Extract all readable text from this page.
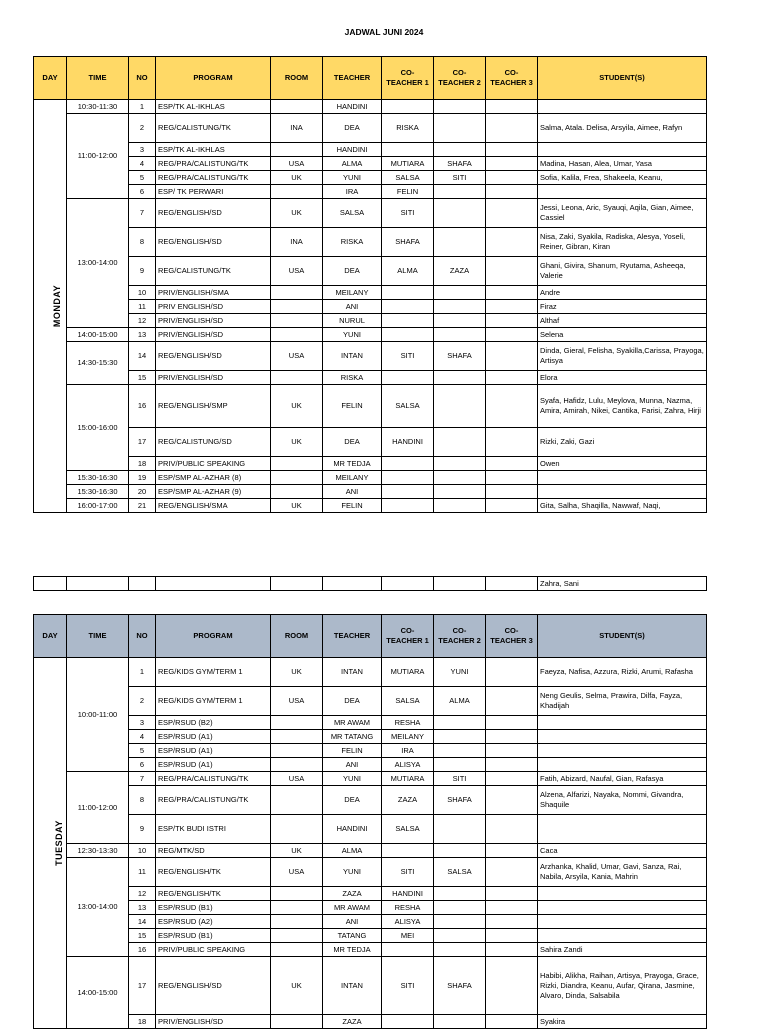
JADWAL JUNI 2024
DAY	TIME	NO	PROGRAM	ROOM	TEACHER	CO-TEACHER 1	CO-TEACHER 2	CO-TEACHER 3	STUDENT(S)
MONDAY	10:30-11:30	1	ESP/TK AL-IKHLAS		HANDINI				
	11:00-12:00	2	REG/CALISTUNG/TK	INA	DEA	RISKA			Salma, Atala. Delisa, Arsyila, Aimee, Rafyn
		3	ESP/TK AL-IKHLAS		HANDINI				
		4	REG/PRA/CALISTUNG/TK	USA	ALMA	MUTIARA	SHAFA		Madina, Hasan, Alea, Umar, Yasa
		5	REG/PRA/CALISTUNG/TK	UK	YUNI	SALSA	SITI		Sofia, Kalila, Frea, Shakeela, Keanu,
		6	ESP/ TK PERWARI		IRA	FELIN			
	13:00-14:00	7	REG/ENGLISH/SD	UK	SALSA	SITI			Jessi, Leona, Aric, Syauqi, Aqila, Gian, Aimee, Cassiel
		8	REG/ENGLISH/SD	INA	RISKA	SHAFA			Nisa, Zaki, Syakila, Radiska, Alesya, Yoseli, Reiner, Gibran, Kiran
		9	REG/CALISTUNG/TK	USA	DEA	ALMA	ZAZA		Ghani, Givira, Shanum, Ryutama, Asheeqa, Valerie
		10	PRIV/ENGLISH/SMA		MEILANY				Andre
		11	PRIV ENGLISH/SD		ANI				Firaz
		12	PRIV/ENGLISH/SD		NURUL				Althaf
	14:00-15:00	13	PRIV/ENGLISH/SD		YUNI				Selena
	14:30-15:30	14	REG/ENGLISH/SD	USA	INTAN	SITI	SHAFA		Dinda, Gieral, Felisha, Syakilla,Carissa, Prayoga, Artisya
		15	PRIV/ENGLISH/SD		RISKA				Elora
	15:00-16:00	16	REG/ENGLISH/SMP	UK	FELIN	SALSA			Syafa, Hafidz, Lulu, Meylova, Munna, Nazma, Amira, Amirah, Nikei, Cantika, Farisi, Zahra, Hirji
		17	REG/CALISTUNG/SD	UK	DEA	HANDINI			Rizki, Zaki, Gazi
		18	PRIV/PUBLIC SPEAKING		MR TEDJA				Owen
	15:30-16:30	19	ESP/SMP AL-AZHAR (8)		MEILANY				
	15:30-16:30	20	ESP/SMP AL-AZHAR (9)		ANI				
	16:00-17:00	21	REG/ENGLISH/SMA	UK	FELIN				Gita, Salha, Shaqilla, Nawwaf, Naqi,
									Zahra, Sani
DAY	TIME	NO	PROGRAM	ROOM	TEACHER	CO-TEACHER 1	CO-TEACHER 2	CO-TEACHER 3	STUDENT(S)
TUESDAY	10:00-11:00	1	REG/KIDS GYM/TERM 1	UK	INTAN	MUTIARA	YUNI		Faeyza, Nafisa, Azzura, Rizki, Arumi, Rafasha
		2	REG/KIDS GYM/TERM 1	USA	DEA	SALSA	ALMA		Neng Geulis, Selma, Prawira, Dilfa, Fayza, Khadijah
		3	ESP/RSUD (B2)		MR AWAM	RESHA			
		4	ESP/RSUD (A1)		MR TATANG	MEILANY			
		5	ESP/RSUD (A1)		FELIN	IRA			
		6	ESP/RSUD (A1)		ANI	ALISYA			
	11:00-12:00	7	REG/PRA/CALISTUNG/TK	USA	YUNI	MUTIARA	SITI		Fatih, Abizard, Naufal, Gian, Rafasya
		8	REG/PRA/CALISTUNG/TK		DEA	ZAZA	SHAFA		Alzena, Alfarizi, Nayaka, Nommi, Givandra, Shaquile
		9	ESP/TK BUDI ISTRI		HANDINI	SALSA			
	12:30-13:30	10	REG/MTK/SD	UK	ALMA				Caca
	13:00-14:00	11	REG/ENGLISH/TK	USA	YUNI	SITI	SALSA		Arzhanka, Khalid, Umar, Gavi, Sanza, Rai, Nabila, Arsyila, Kania, Mahrin
		12	REG/ENGLISH/TK		ZAZA	HANDINI			
		13	ESP/RSUD (B1)		MR AWAM	RESHA			
		14	ESP/RSUD (A2)		ANI	ALISYA			
		15	ESP/RSUD (B1)		TATANG	MEI			
		16	PRIV/PUBLIC SPEAKING		MR TEDJA				Sahira Zandi
	14:00-15:00	17	REG/ENGLISH/SD	UK	INTAN	SITI	SHAFA		Habibi, Alikha, Raihan, Artisya, Prayoga, Grace, Rizki, Diandra, Keanu, Aufar, Qirana, Jasmine, Alvaro, Dinda, Salsabila
		18	PRIV/ENGLISH/SD		ZAZA				Syakira
